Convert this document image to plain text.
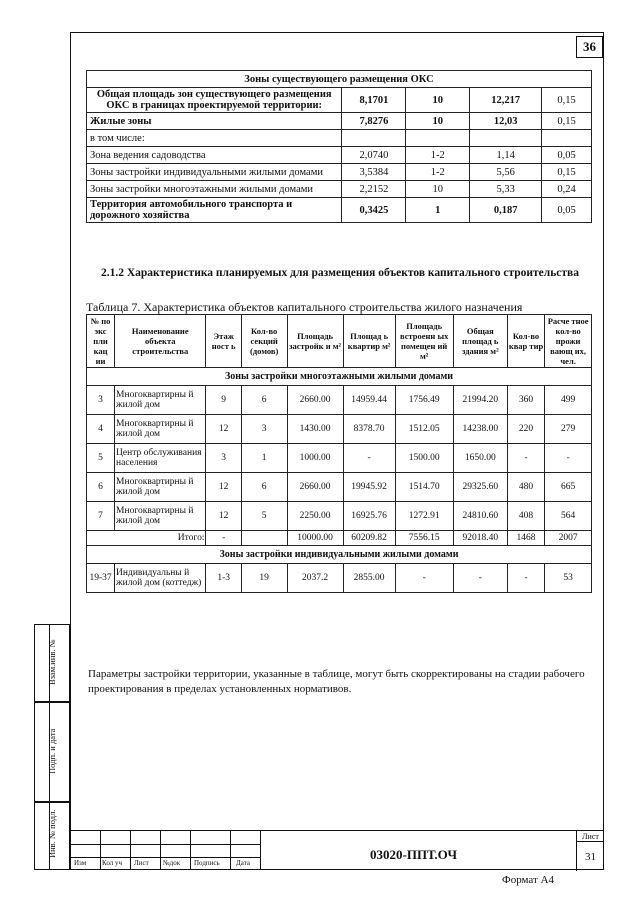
36
Зоны существующего размещения ОКС				
Общая площадь зон существующего размещения ОКС в границах проектируемой территории:	8,1701	10	12,217	0,15
Жилые зоны	7,8276	10	12,03	0,15
в том числе:				
Зона ведения садоводства	2,0740	1-2	1,14	0,05
Зоны застройки индивидуальными жилыми домами	3,5384	1-2	5,56	0,15
Зоны застройки многоэтажными жилыми домами	2,2152	10	5,33	0,24
Территория автомобильного транспорта и дорожного хозяйства	0,3425	1	0,187	0,05
2.1.2 Характеристика планируемых для размещения объектов капитального строительства
Таблица 7. Характеристика объектов капитального строительства жилого назначения
№ по экс пли кац ии	Наименование объекта строительства	Этаж ност ь	Кол-во секций (домов)	Площадь застройк и м²	Площад ь квартир м²	Площадь встроенн ых помещен ий м²	Общая площад ь здания м²	Кол-во квар тир	Расче тное кол-во прожи вающ их, чел.
Зоны застройки многоэтажными жилыми домами									
3	Многоквартирны й жилой дом	9	6	2660.00	14959.44	1756.49	21994.20	360	499
4	Многоквартирны й жилой дом	12	3	1430.00	8378.70	1512.05	14238.00	220	279
5	Центр обслуживания населения	3	1	1000.00	-	1500.00	1650.00	-	-
6	Многоквартирны й жилой дом	12	6	2660.00	19945.92	1514.70	29325.60	480	665
7	Многоквартирны й жилой дом	12	5	2250.00	16925.76	1272.91	24810.60	408	564
Итого:		-		10000.00	60209.82	7556.15	92018.40	1468	2007
Зоны застройки индивидуальными жилыми домами									
19-37	Индивидуальны й жилой дом (коттедж)	1-3	19	2037.2	2855.00	-	-	-	53
Параметры застройки территории, указанные в таблице, могут быть скорректированы на стадии рабочего проектирования в пределах установленных нормативов.
Взам.инв. №
Подп. и дата
Инв. № подл.
Изм Кол уч Лист №док Подпись Дата
03020-ППТ.ОЧ
Лист
31
Формат А4
